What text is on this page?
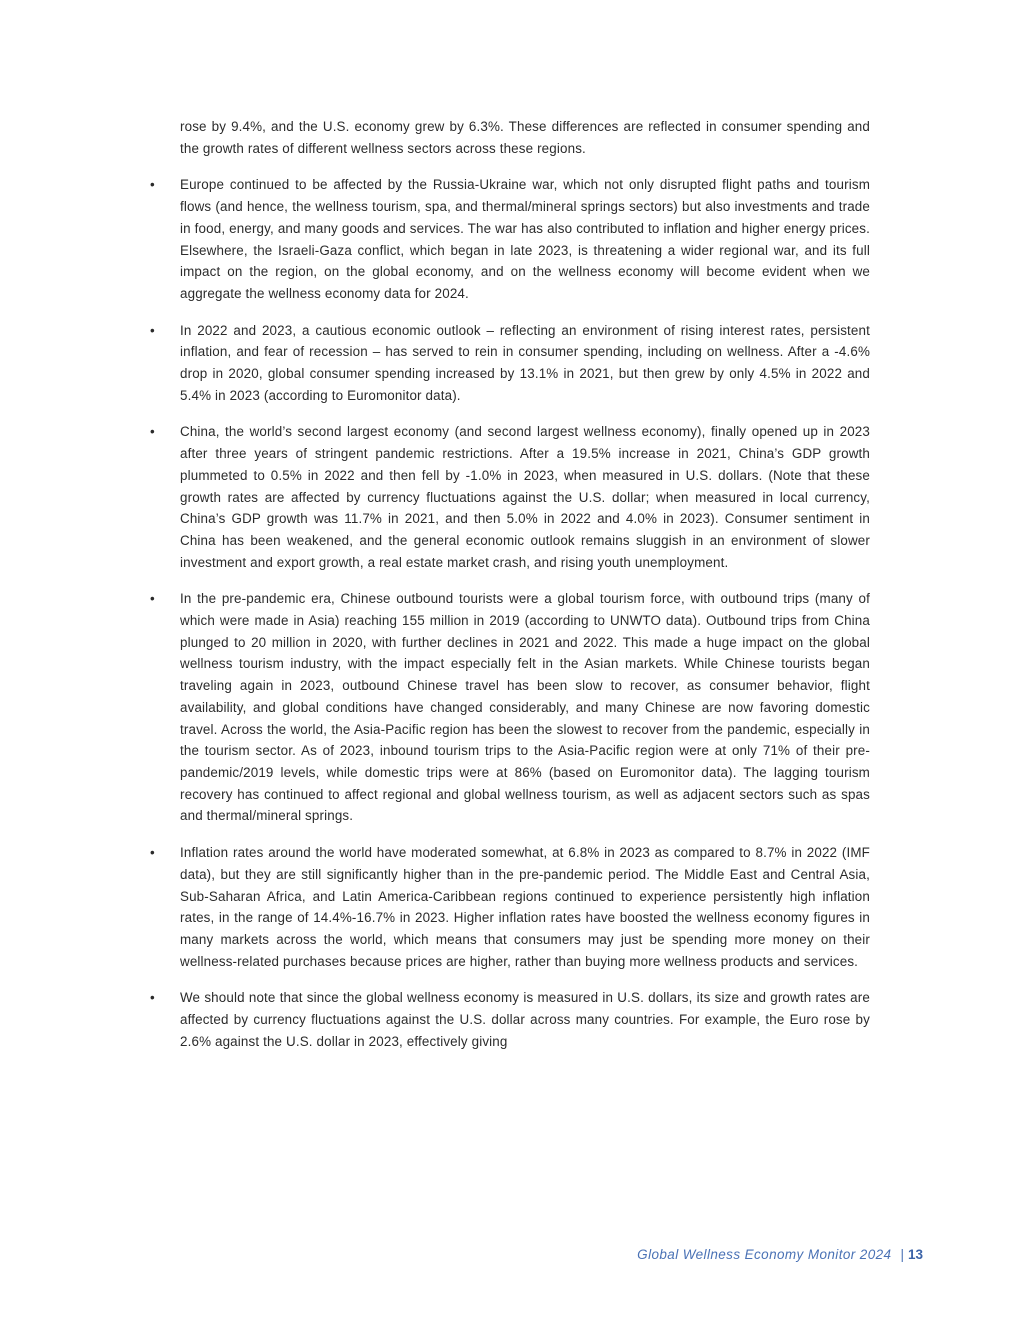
rose by 9.4%, and the U.S. economy grew by 6.3%. These differences are reflected in consumer spending and the growth rates of different wellness sectors across these regions.

• Europe continued to be affected by the Russia-Ukraine war, which not only disrupted flight paths and tourism flows (and hence, the wellness tourism, spa, and thermal/mineral springs sectors) but also investments and trade in food, energy, and many goods and services. The war has also contributed to inflation and higher energy prices. Elsewhere, the Israeli-Gaza conflict, which began in late 2023, is threatening a wider regional war, and its full impact on the region, on the global economy, and on the wellness economy will become evident when we aggregate the wellness economy data for 2024.
• In 2022 and 2023, a cautious economic outlook – reflecting an environment of rising interest rates, persistent inflation, and fear of recession – has served to rein in consumer spending, including on wellness. After a -4.6% drop in 2020, global consumer spending increased by 13.1% in 2021, but then grew by only 4.5% in 2022 and 5.4% in 2023 (according to Euromonitor data).
• China, the world’s second largest economy (and second largest wellness economy), finally opened up in 2023 after three years of stringent pandemic restrictions. After a 19.5% increase in 2021, China’s GDP growth plummeted to 0.5% in 2022 and then fell by -1.0% in 2023, when measured in U.S. dollars. (Note that these growth rates are affected by currency fluctuations against the U.S. dollar; when measured in local currency, China’s GDP growth was 11.7% in 2021, and then 5.0% in 2022 and 4.0% in 2023). Consumer sentiment in China has been weakened, and the general economic outlook remains sluggish in an environment of slower investment and export growth, a real estate market crash, and rising youth unemployment.
• In the pre-pandemic era, Chinese outbound tourists were a global tourism force, with outbound trips (many of which were made in Asia) reaching 155 million in 2019 (according to UNWTO data). Outbound trips from China plunged to 20 million in 2020, with further declines in 2021 and 2022. This made a huge impact on the global wellness tourism industry, with the impact especially felt in the Asian markets. While Chinese tourists began traveling again in 2023, outbound Chinese travel has been slow to recover, as consumer behavior, flight availability, and global conditions have changed considerably, and many Chinese are now favoring domestic travel. Across the world, the Asia-Pacific region has been the slowest to recover from the pandemic, especially in the tourism sector. As of 2023, inbound tourism trips to the Asia-Pacific region were at only 71% of their pre-pandemic/2019 levels, while domestic trips were at 86% (based on Euromonitor data). The lagging tourism recovery has continued to affect regional and global wellness tourism, as well as adjacent sectors such as spas and thermal/mineral springs.
• Inflation rates around the world have moderated somewhat, at 6.8% in 2023 as compared to 8.7% in 2022 (IMF data), but they are still significantly higher than in the pre-pandemic period. The Middle East and Central Asia, Sub-Saharan Africa, and Latin America-Caribbean regions continued to experience persistently high inflation rates, in the range of 14.4%-16.7% in 2023. Higher inflation rates have boosted the wellness economy figures in many markets across the world, which means that consumers may just be spending more money on their wellness-related purchases because prices are higher, rather than buying more wellness products and services.
• We should note that since the global wellness economy is measured in U.S. dollars, its size and growth rates are affected by currency fluctuations against the U.S. dollar across many countries. For example, the Euro rose by 2.6% against the U.S. dollar in 2023, effectively giving
Global Wellness Economy Monitor 2024 | 13
